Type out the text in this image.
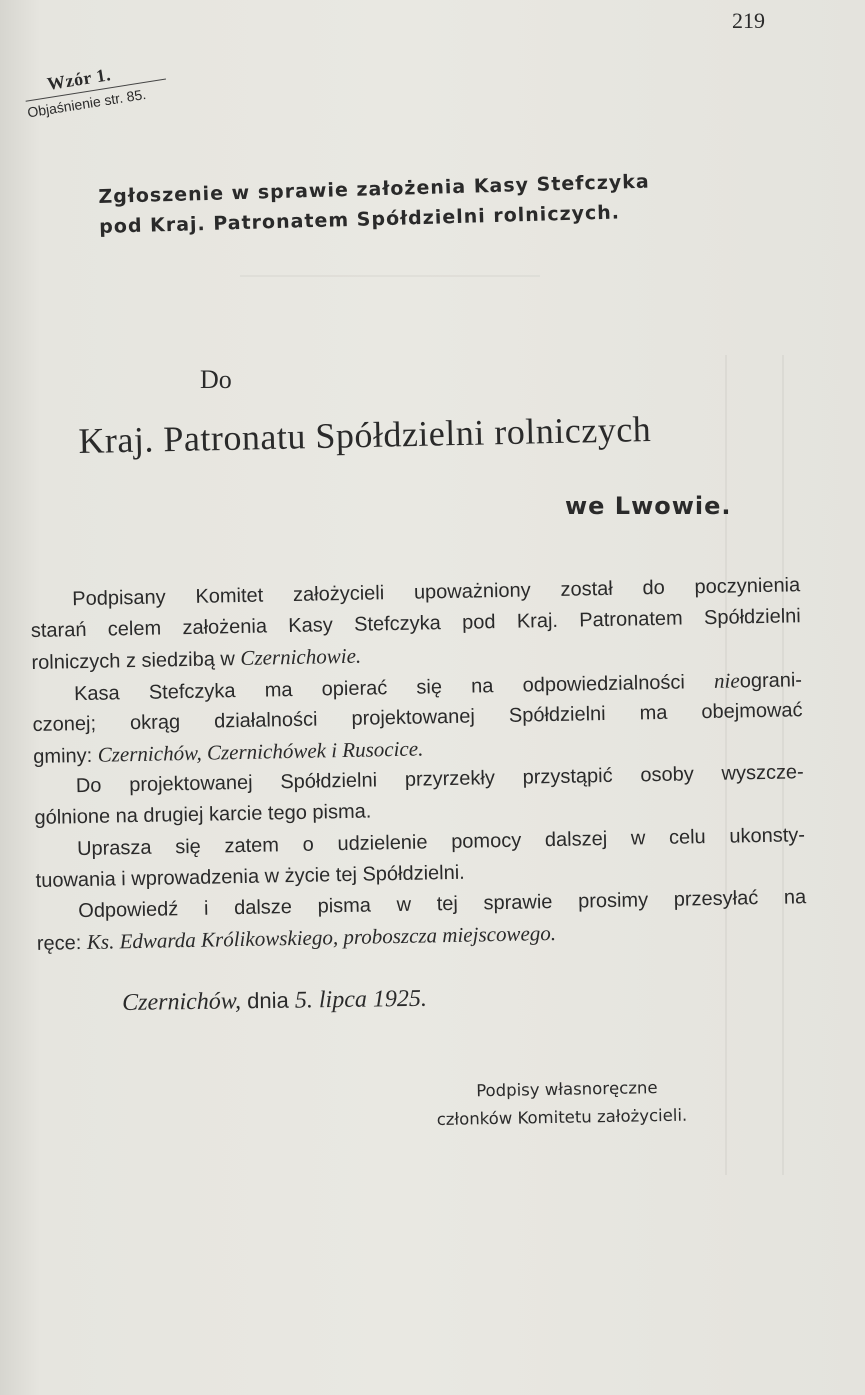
219
Wzór 1.
Objaśnienie str. 85.
Zgłoszenie w sprawie założenia Kasy Stefczyka
pod Kraj. Patronatem Spółdzielni rolniczych.
Do
Kraj. Patronatu Spółdzielni rolniczych
we Lwowie.
Podpisany Komitet założycieli upoważniony został do poczynienia
starań celem założenia Kasy Stefczyka pod Kraj. Patronatem Spółdzielni
rolniczych z siedzibą w Czernichowie.
Kasa Stefczyka ma opierać się na odpowiedzialności nieograni-
czonej; okrąg działalności projektowanej Spółdzielni ma obejmować
gminy: Czernichów, Czernichówek i Rusocice.
Do projektowanej Spółdzielni przyrzekły przystąpić osoby wyszcze-
gólnione na drugiej karcie tego pisma.
Uprasza się zatem o udzielenie pomocy dalszej w celu ukonsty-
tuowania i wprowadzenia w życie tej Spółdzielni.
Odpowiedź i dalsze pisma w tej sprawie prosimy przesyłać na
ręce: Ks. Edwarda Królikowskiego, proboszcza miejscowego.
Czernichów, dnia 5. lipca 1925.
Podpisy własnoręczne
członków Komitetu założycieli.
